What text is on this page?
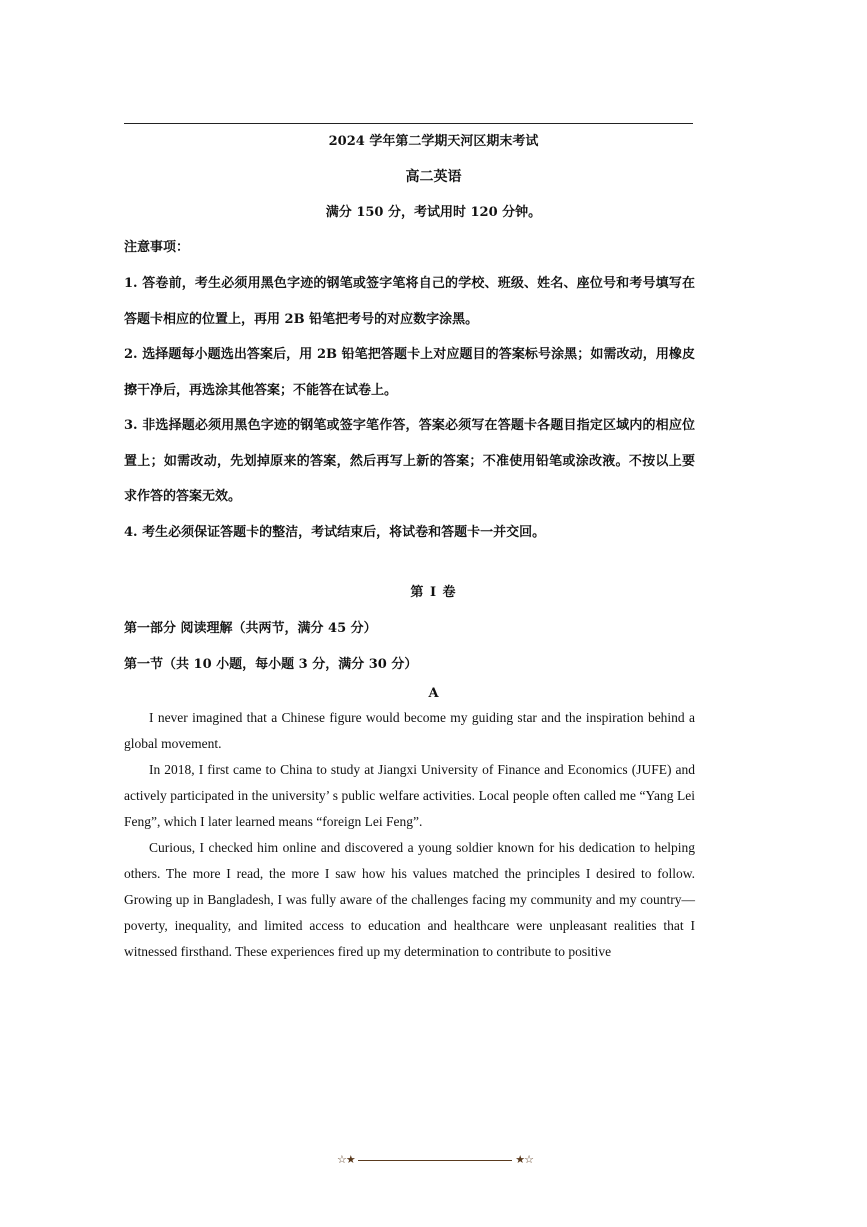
2024 学年第二学期天河区期末考试
高二英语
满分 150 分，考试用时 120 分钟。
注意事项：
1. 答卷前，考生必须用黑色字迹的钢笔或签字笔将自己的学校、班级、姓名、座位号和考号填写在答题卡相应的位置上，再用 2B 铅笔把考号的对应数字涂黑。
2. 选择题每小题选出答案后，用 2B 铅笔把答题卡上对应题目的答案标号涂黑；如需改动，用橡皮擦干净后，再选涂其他答案；不能答在试卷上。
3. 非选择题必须用黑色字迹的钢笔或签字笔作答，答案必须写在答题卡各题目指定区域内的相应位置上；如需改动，先划掉原来的答案，然后再写上新的答案；不准使用铅笔或涂改液。不按以上要求作答的答案无效。
4. 考生必须保证答题卡的整洁，考试结束后，将试卷和答题卡一并交回。
第 I 卷
第一部分 阅读理解（共两节，满分 45 分）
第一节（共 10 小题，每小题 3 分，满分 30 分）
A

I never imagined that a Chinese figure would become my guiding star and the inspiration behind a global movement.

In 2018, I first came to China to study at Jiangxi University of Finance and Economics (JUFE) and actively participated in the university’ s public welfare activities. Local people often called me “Yang Lei Feng”, which I later learned means “foreign Lei Feng”.

Curious, I checked him online and discovered a young soldier known for his dedication to helping others. The more I read, the more I saw how his values matched the principles I desired to follow. Growing up in Bangladesh, I was fully aware of the challenges facing my community and my country— poverty, inequality, and limited access to education and healthcare were unpleasant realities that I witnessed firsthand. These experiences fired up my determination to contribute to positive

☆★	★☆
